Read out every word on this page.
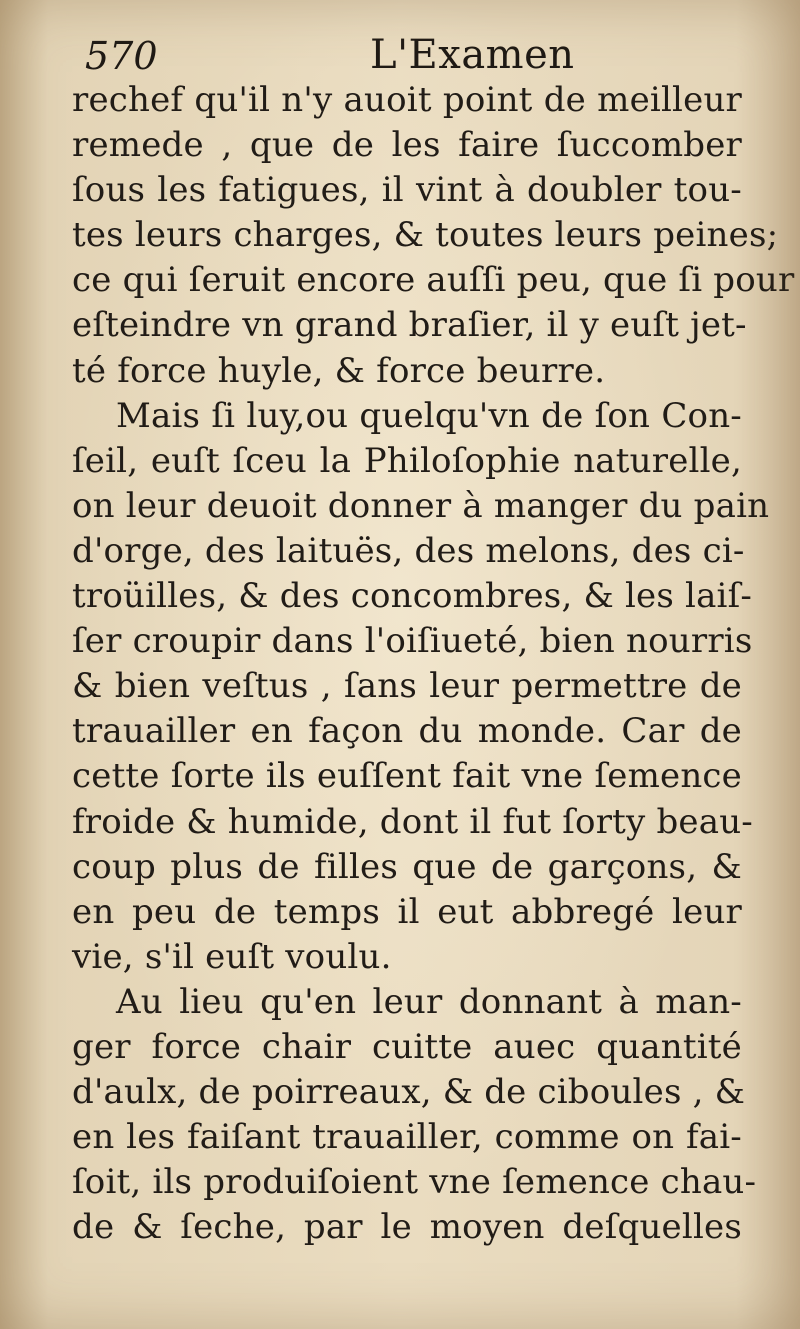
570	L'Examen
rechef qu'il n'y auoit point de meilleur
remede , que de les faire ſuccomber
ſous les fatigues, il vint à doubler tou-
tes leurs charges, & toutes leurs peines;
ce qui ſeruit encore auſſi peu, que ſi pour
eſteindre vn grand braſier, il y euſt jet-
té force huyle, & force beurre.
Mais ſi luy,ou quelqu'vn de ſon Con-
ſeil, euſt ſceu la Philoſophie naturelle,
on leur deuoit donner à manger du pain
d'orge, des laituës, des melons, des ci-
troüilles, & des concombres, & les laiſ-
ſer croupir dans l'oiſiueté, bien nourris
& bien veſtus , ſans leur permettre de
trauailler en façon du monde. Car de
cette ſorte ils euſſent fait vne ſemence
froide & humide, dont il fut ſorty beau-
coup plus de filles que de garçons, &
en peu de temps il eut abbregé leur
vie, s'il euſt voulu.
Au lieu qu'en leur donnant à man-
ger force chair cuitte auec quantité
d'aulx, de poirreaux, & de ciboules , &
en les faiſant trauailler, comme on fai-
ſoit, ils produiſoient vne ſemence chau-
de & ſeche, par le moyen deſquelles
